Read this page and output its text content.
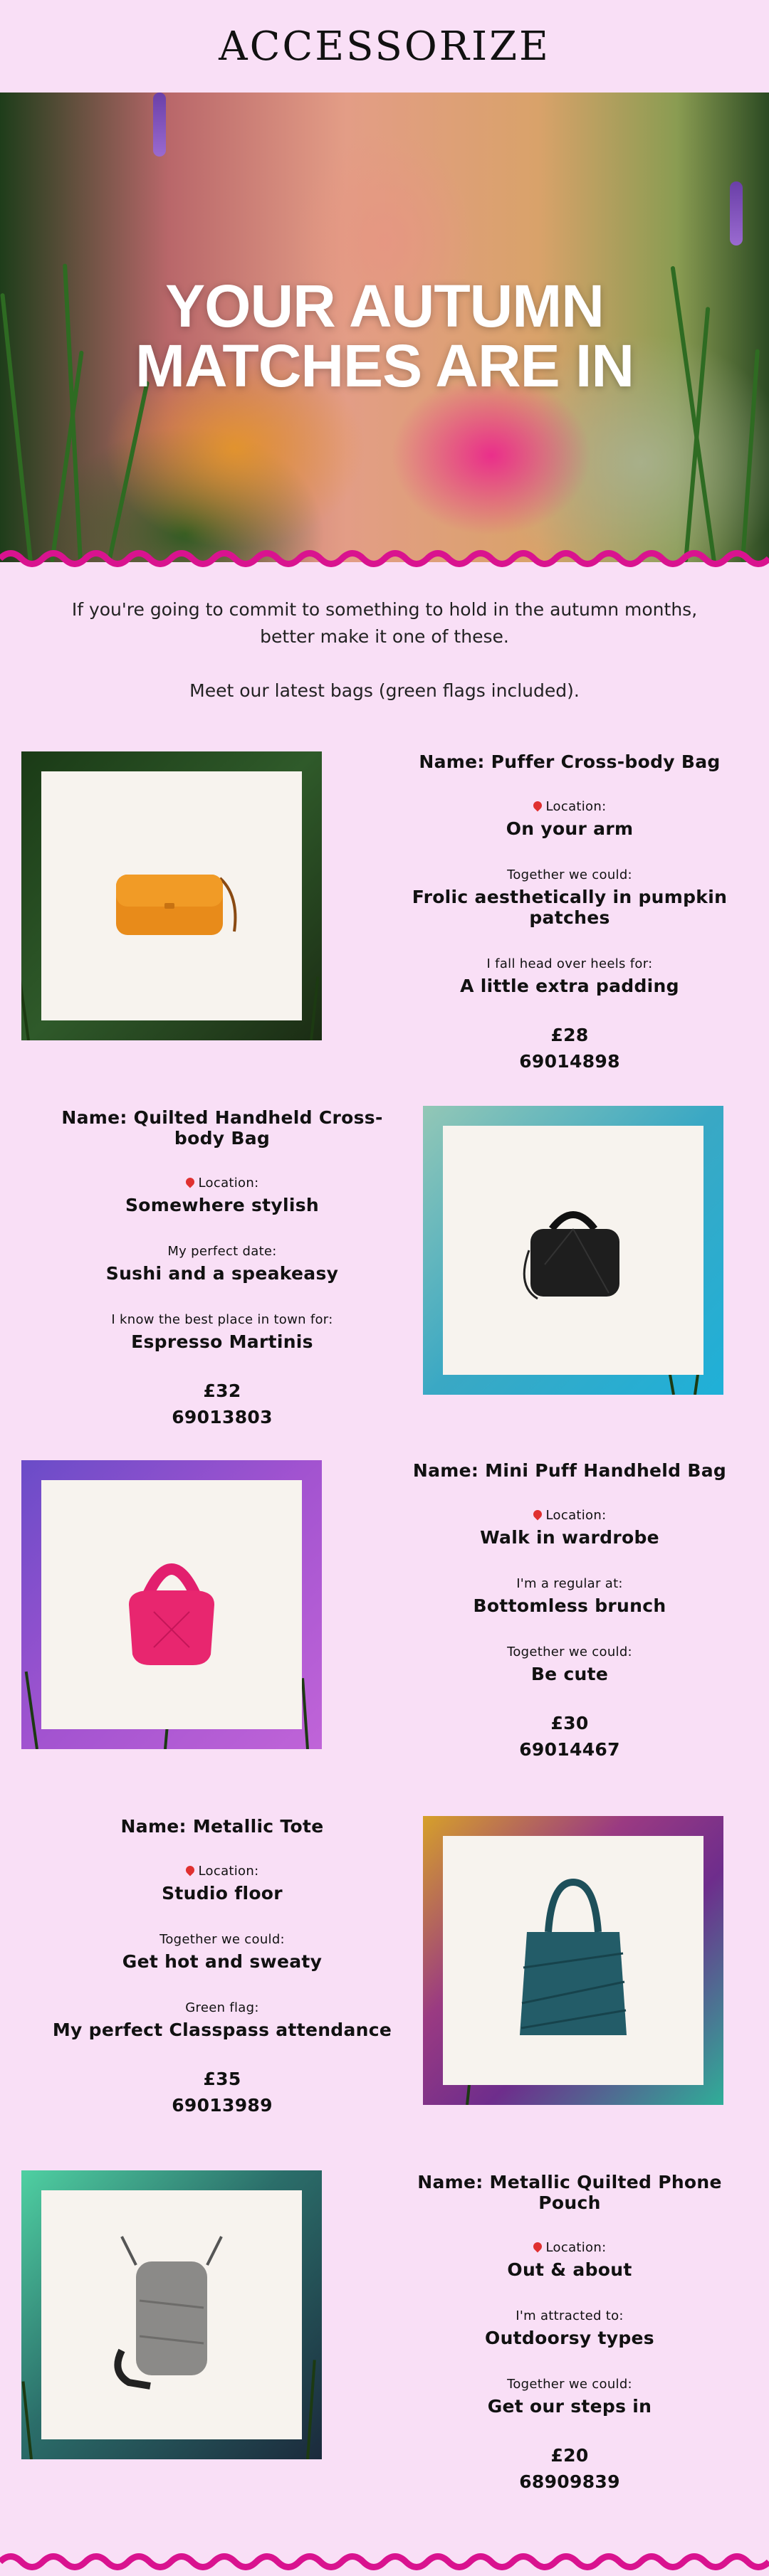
ACCESSORIZE
YOUR AUTUMN
MATCHES ARE IN
If you're going to commit to something to hold in the autumn months,
better make it one of these.
Meet our latest bags (green flags included).
Name: Puffer Cross-body Bag
Location:
On your arm
Together we could:
Frolic aesthetically in pumpkin patches
I fall head over heels for:
A little extra padding
£28
69014898
Name: Quilted Handheld Cross-body Bag
Location:
Somewhere stylish
My perfect date:
Sushi and a speakeasy
I know the best place in town for:
Espresso Martinis
£32
69013803
Name: Mini Puff Handheld Bag
Location:
Walk in wardrobe
I'm a regular at:
Bottomless brunch
Together we could:
Be cute
£30
69014467
Name: Metallic Tote
Location:
Studio floor
Together we could:
Get hot and sweaty
Green flag:
My perfect Classpass attendance
£35
69013989
Name: Metallic Quilted Phone Pouch
Location:
Out & about
I'm attracted to:
Outdoorsy types
Together we could:
Get our steps in
£20
68909839
